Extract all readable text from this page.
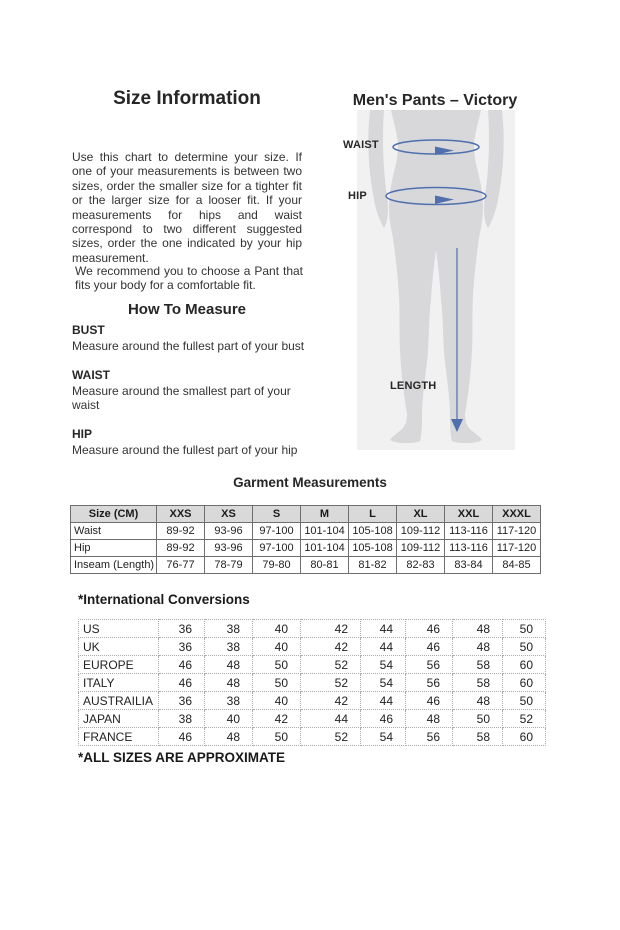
Size Information	Men's Pants – Victory
WAIST
HIP
LENGTH
Use this chart to determine your size. If one of your measurements is between two sizes, order the smaller size for a tighter fit or the larger size for a looser fit. If your measurements for hips and waist correspond to two different suggested sizes, order the one indicated by your hip measurement.
We recommend you to choose a Pant that fits your body for a comfortable fit.
How To Measure
BUST
Measure around the fullest part of your bust
WAIST
Measure around the smallest part of your waist
HIP
Measure around the fullest part of your hip
Garment Measurements
Size (CM)	XXS	XS	S	M	L	XL	XXL	XXXL
Waist	89-92	93-96	97-100	101-104	105-108	109-112	113-116	117-120
Hip	89-92	93-96	97-100	101-104	105-108	109-112	113-116	117-120
Inseam (Length)	76-77	78-79	79-80	80-81	81-82	82-83	83-84	84-85
*International Conversions
US	36	38	40	42	44	46	48	50
UK	36	38	40	42	44	46	48	50
EUROPE	46	48	50	52	54	56	58	60
ITALY	46	48	50	52	54	56	58	60
AUSTRAILIA	36	38	40	42	44	46	48	50
JAPAN	38	40	42	44	46	48	50	52
FRANCE	46	48	50	52	54	56	58	60
*ALL SIZES ARE APPROXIMATE
